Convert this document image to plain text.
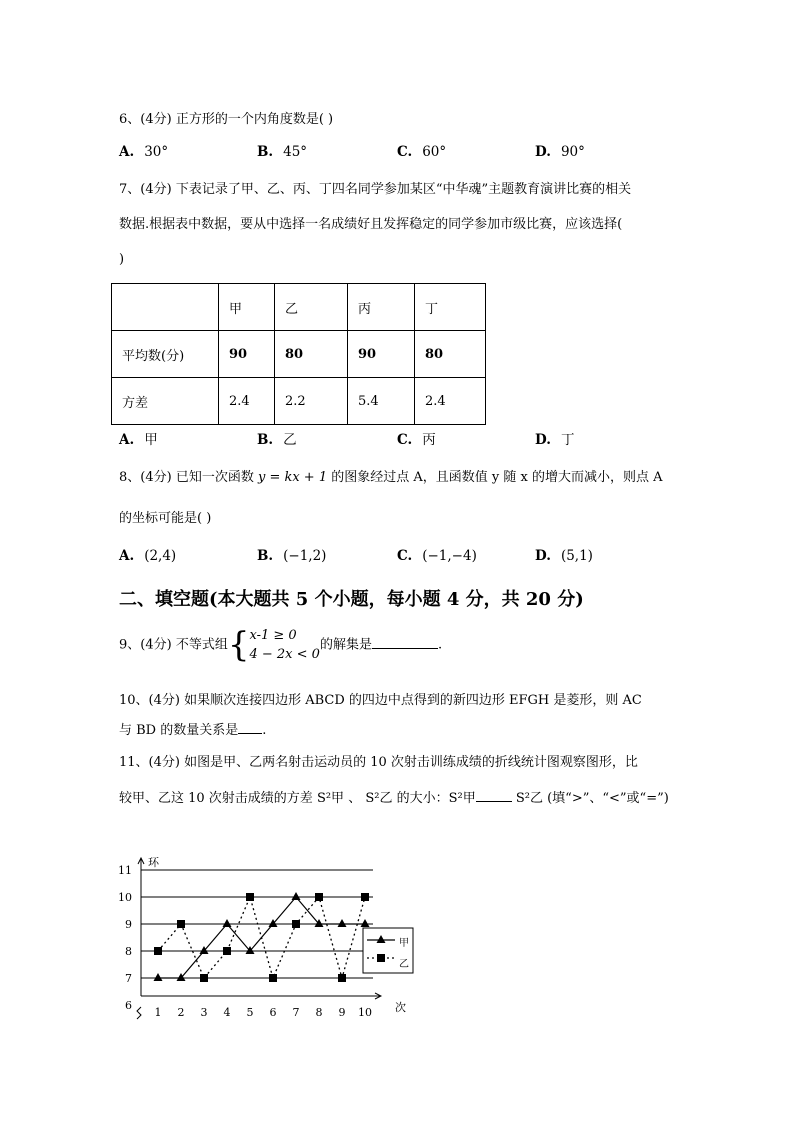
6、(4分) 正方形的一个内角度数是( )
A. 30°	B. 45°	C. 60°	D. 90°
7、(4分) 下表记录了甲、乙、丙、丁四名同学参加某区“中华魂”主题教育演讲比赛的相关
数据.根据表中数据，要从中选择一名成绩好且发挥稳定的同学参加市级比赛，应该选择(
)
	甲	乙	丙	丁
平均数(分)	90	80	90	80
方差	2.4	2.2	5.4	2.4
A. 甲	B. 乙	C. 丙	D. 丁
8、(4分) 已知一次函数 y = kx + 1 的图象经过点 A，且函数值 y 随 x 的增大而减小，则点 A
的坐标可能是( )
A. (2,4)	B. (−1,2)	C. (−1,−4)	D. (5,1)
二、填空题(本大题共 5 个小题，每小题 4 分，共 20 分)
9、(4分) 不等式组{x-1 ≥ 0
4 − 2x < 0的解集是	.
10、(4分) 如果顺次连接四边形 ABCD 的四边中点得到的新四边形 EFGH 是菱形，则 AC
与 BD 的数量关系是 .
11、(4分) 如图是甲、乙两名射击运动员的 10 次射击训练成绩的折线统计图观察图形，比
较甲、乙这 10 次射击成绩的方差 S²甲 、 S²乙 的大小：S²甲	S²乙 (填“>”、“<”或“=”)
6
7
8
9
10
11
环
次
1 2 3 4 5 6 7 8 9 10
甲
乙
